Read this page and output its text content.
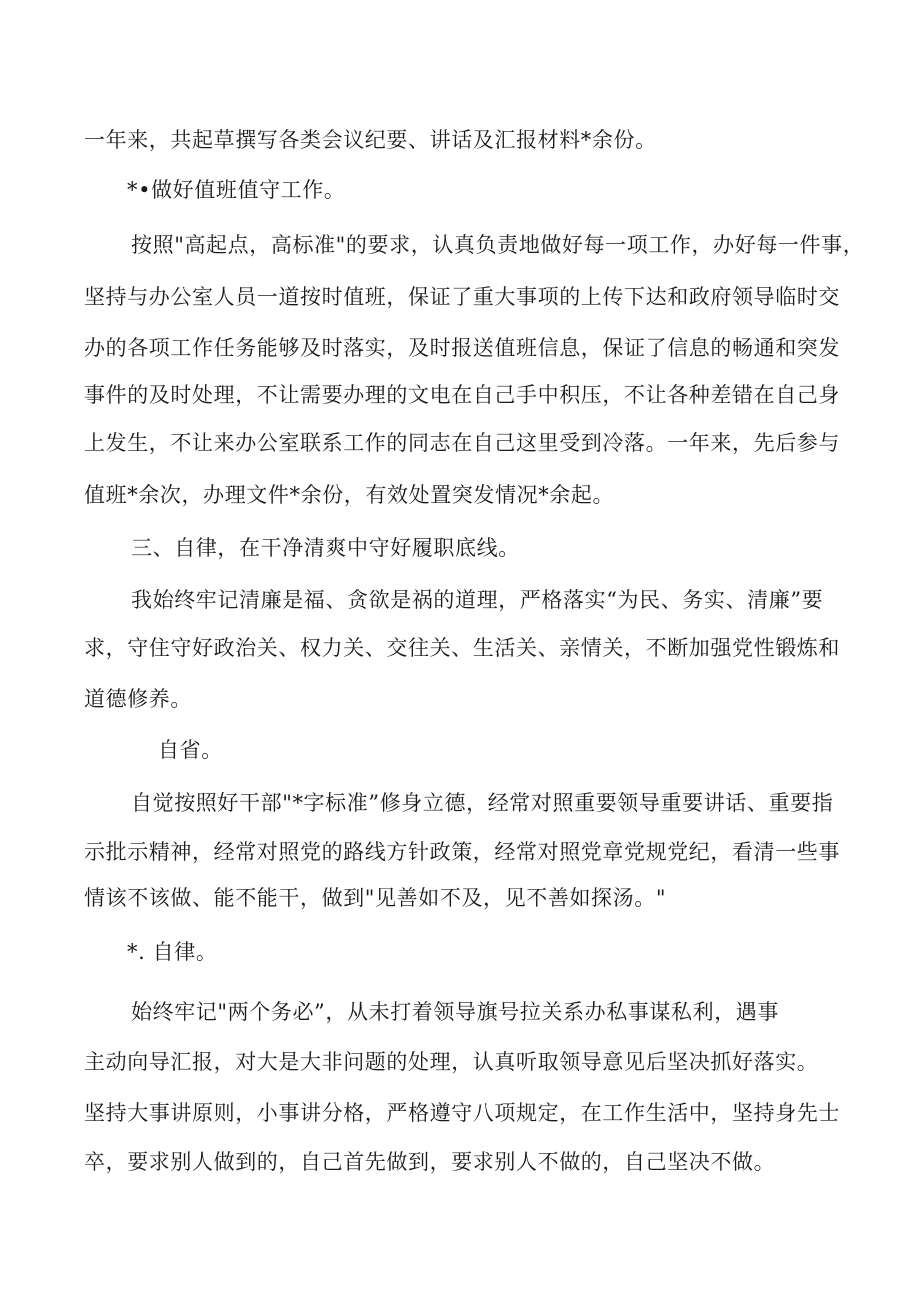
一年来，共起草撰写各类会议纪要、讲话及汇报材料*余份。

*•做好值班值守工作。

按照"高起点，高标准"的要求，认真负责地做好每一项工作，办好每一件事，

坚持与办公室人员一道按时值班，保证了重大事项的上传下达和政府领导临时交

办的各项工作任务能够及时落实，及时报送值班信息，保证了信息的畅通和突发

事件的及时处理，不让需要办理的文电在自己手中积压，不让各种差错在自己身

上发生，不让来办公室联系工作的同志在自己这里受到冷落。一年来，先后参与

值班*余次，办理文件*余份，有效处置突发情况*余起。

三、自律，在干净清爽中守好履职底线。

我始终牢记清廉是福、贪欲是祸的道理，严格落实“为民、务实、清廉”要

求，守住守好政治关、权力关、交往关、生活关、亲情关，不断加强党性锻炼和

道德修养。

自省。

自觉按照好干部"*字标准”修身立德，经常对照重要领导重要讲话、重要指

示批示精神，经常对照党的路线方针政策，经常对照党章党规党纪，看清一些事

情该不该做、能不能干，做到"见善如不及，见不善如探汤。"

*. 自律。

始终牢记"两个务必”，从未打着领导旗号拉关系办私事谋私利，遇事

主动向导汇报，对大是大非问题的处理，认真听取领导意见后坚决抓好落实。

坚持大事讲原则，小事讲分格，严格遵守八项规定，在工作生活中，坚持身先士

卒，要求别人做到的，自己首先做到，要求别人不做的，自己坚决不做。
